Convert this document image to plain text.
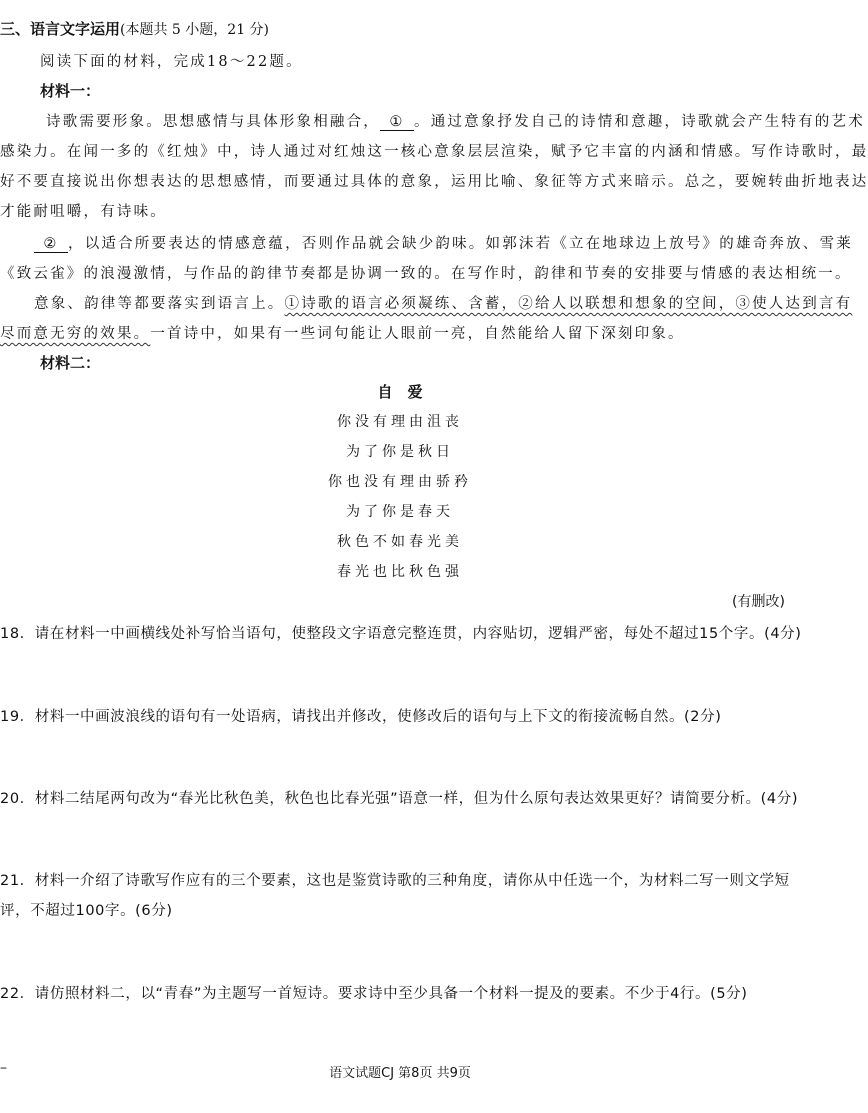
三、语言文字运用(本题共 5 小题，21 分)
阅读下面的材料，完成18～22题。
材料一：
诗歌需要形象。思想感情与具体形象相融合， ① 。通过意象抒发自己的诗情和意趣，诗歌就会产生特有的艺术
感染力。在闻一多的《红烛》中，诗人通过对红烛这一核心意象层层渲染，赋予它丰富的内涵和情感。写作诗歌时，最
好不要直接说出你想表达的思想感情，而要通过具体的意象，运用比喻、象征等方式来暗示。总之，要婉转曲折地表达
才能耐咀嚼，有诗味。
② ，以适合所要表达的情感意蕴，否则作品就会缺少韵味。如郭沫若《立在地球边上放号》的雄奇奔放、雪莱
《致云雀》的浪漫激情，与作品的韵律节奏都是协调一致的。在写作时，韵律和节奏的安排要与情感的表达相统一。
意象、韵律等都要落实到语言上。①诗歌的语言必须凝练、含蓄，②给人以联想和想象的空间，③使人达到言有
尽而意无穷的效果。一首诗中，如果有一些词句能让人眼前一亮，自然能给人留下深刻印象。
材料二：
自　爱
你没有理由沮丧
为了你是秋日
你也没有理由骄矜
为了你是春天
秋色不如春光美
春光也比秋色强
(有删改)
18．请在材料一中画横线处补写恰当语句，使整段文字语意完整连贯，内容贴切，逻辑严密，每处不超过15个字。(4分)
19．材料一中画波浪线的语句有一处语病，请找出并修改，使修改后的语句与上下文的衔接流畅自然。(2分)
20．材料二结尾两句改为“春光比秋色美，秋色也比春光强”语意一样，但为什么原句表达效果更好？请简要分析。(4分)
21．材料一介绍了诗歌写作应有的三个要素，这也是鉴赏诗歌的三种角度，请你从中任选一个，为材料二写一则文学短
评，不超过100字。(6分)
22．请仿照材料二，以“青春”为主题写一首短诗。要求诗中至少具备一个材料一提及的要素。不少于4行。(5分)
–	语文试题CJ 第8页 共9页
